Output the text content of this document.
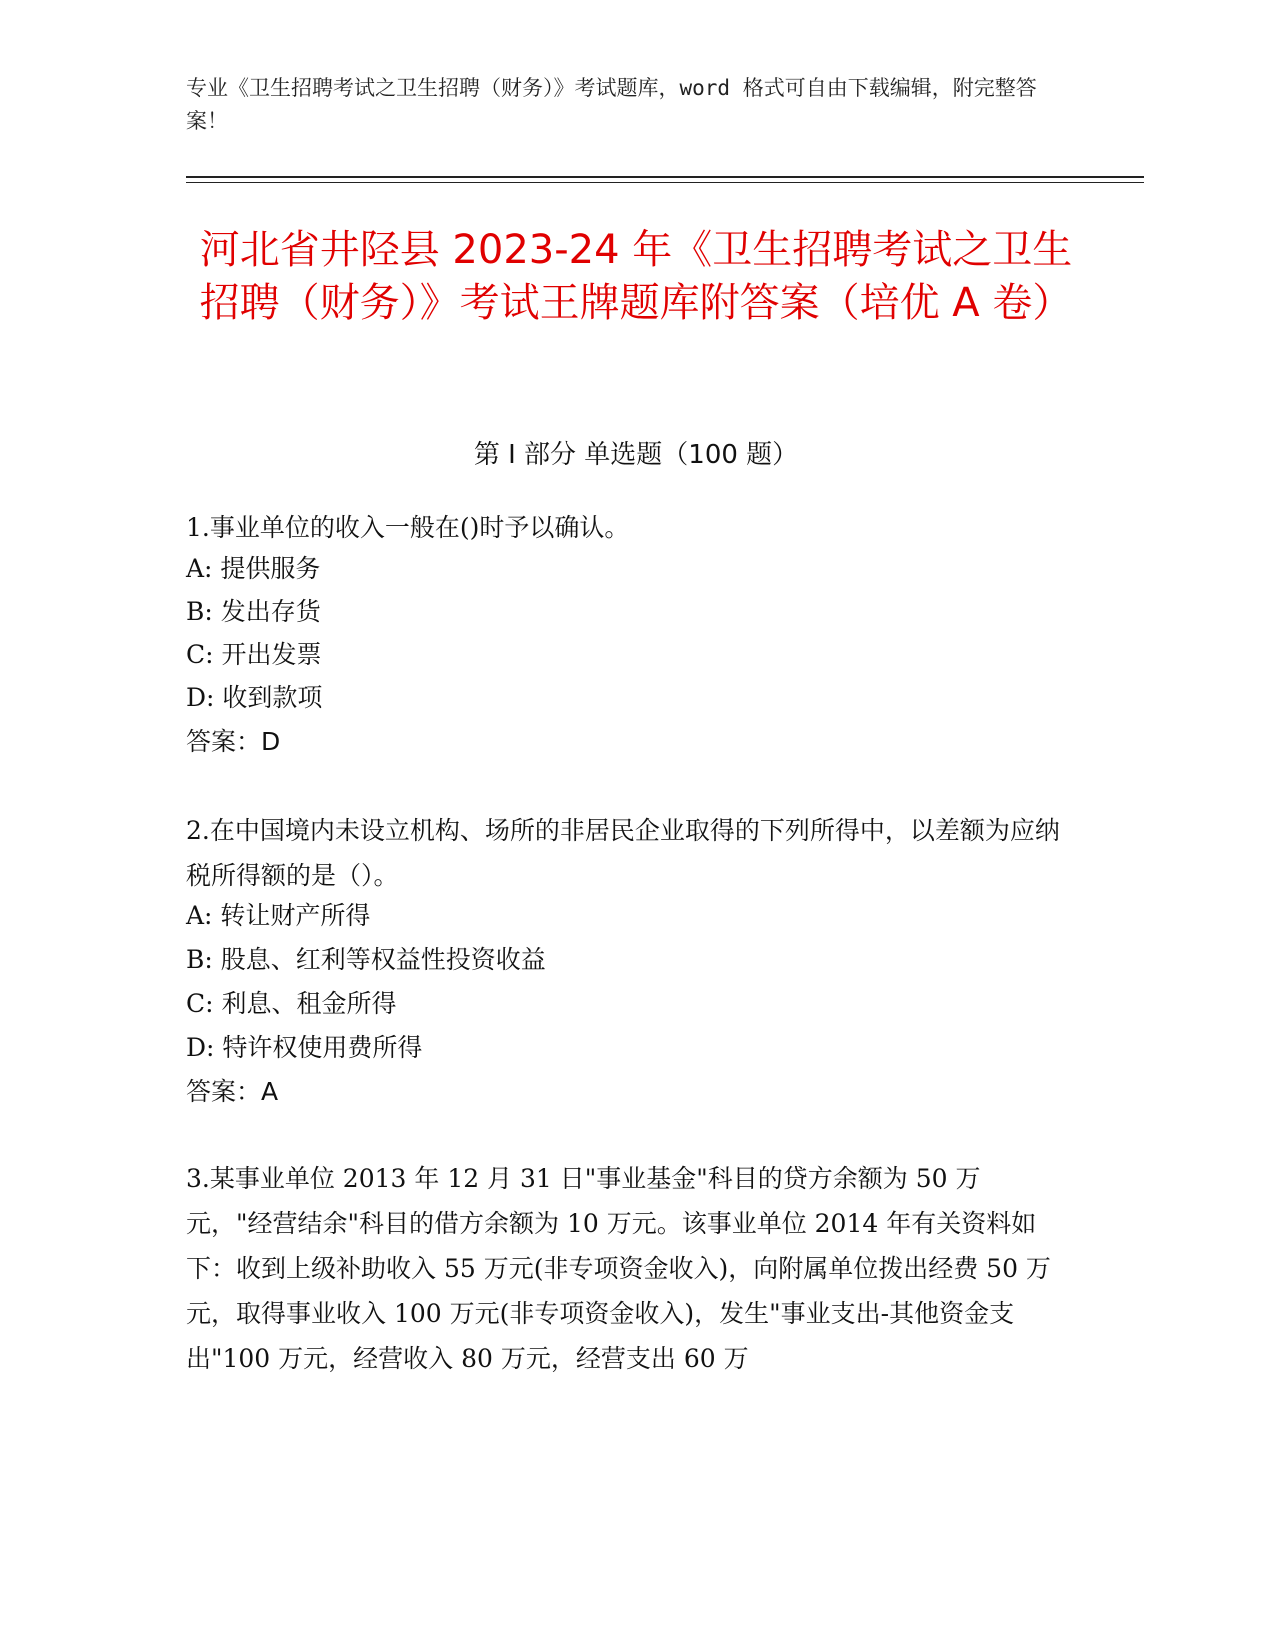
专业《卫生招聘考试之卫生招聘（财务）》考试题库，word 格式可自由下载编辑，附完整答案！
河北省井陉县 2023-24 年《卫生招聘考试之卫生招聘（财务）》考试王牌题库附答案（培优 A 卷）
第 I 部分 单选题（100 题）
1.事业单位的收入一般在()时予以确认。
A: 提供服务
B: 发出存货
C: 开出发票
D: 收到款项
答案：D
2.在中国境内未设立机构、场所的非居民企业取得的下列所得中，以差额为应纳税所得额的是（）。
A: 转让财产所得
B: 股息、红利等权益性投资收益
C: 利息、租金所得
D: 特许权使用费所得
答案：A
3.某事业单位 2013 年 12 月 31 日"事业基金"科目的贷方余额为 50 万元，"经营结余"科目的借方余额为 10 万元。该事业单位 2014 年有关资料如下：收到上级补助收入 55 万元(非专项资金收入)，向附属单位拨出经费 50 万元，取得事业收入 100 万元(非专项资金收入)，发生"事业支出-其他资金支出"100 万元，经营收入 80 万元，经营支出 60 万
